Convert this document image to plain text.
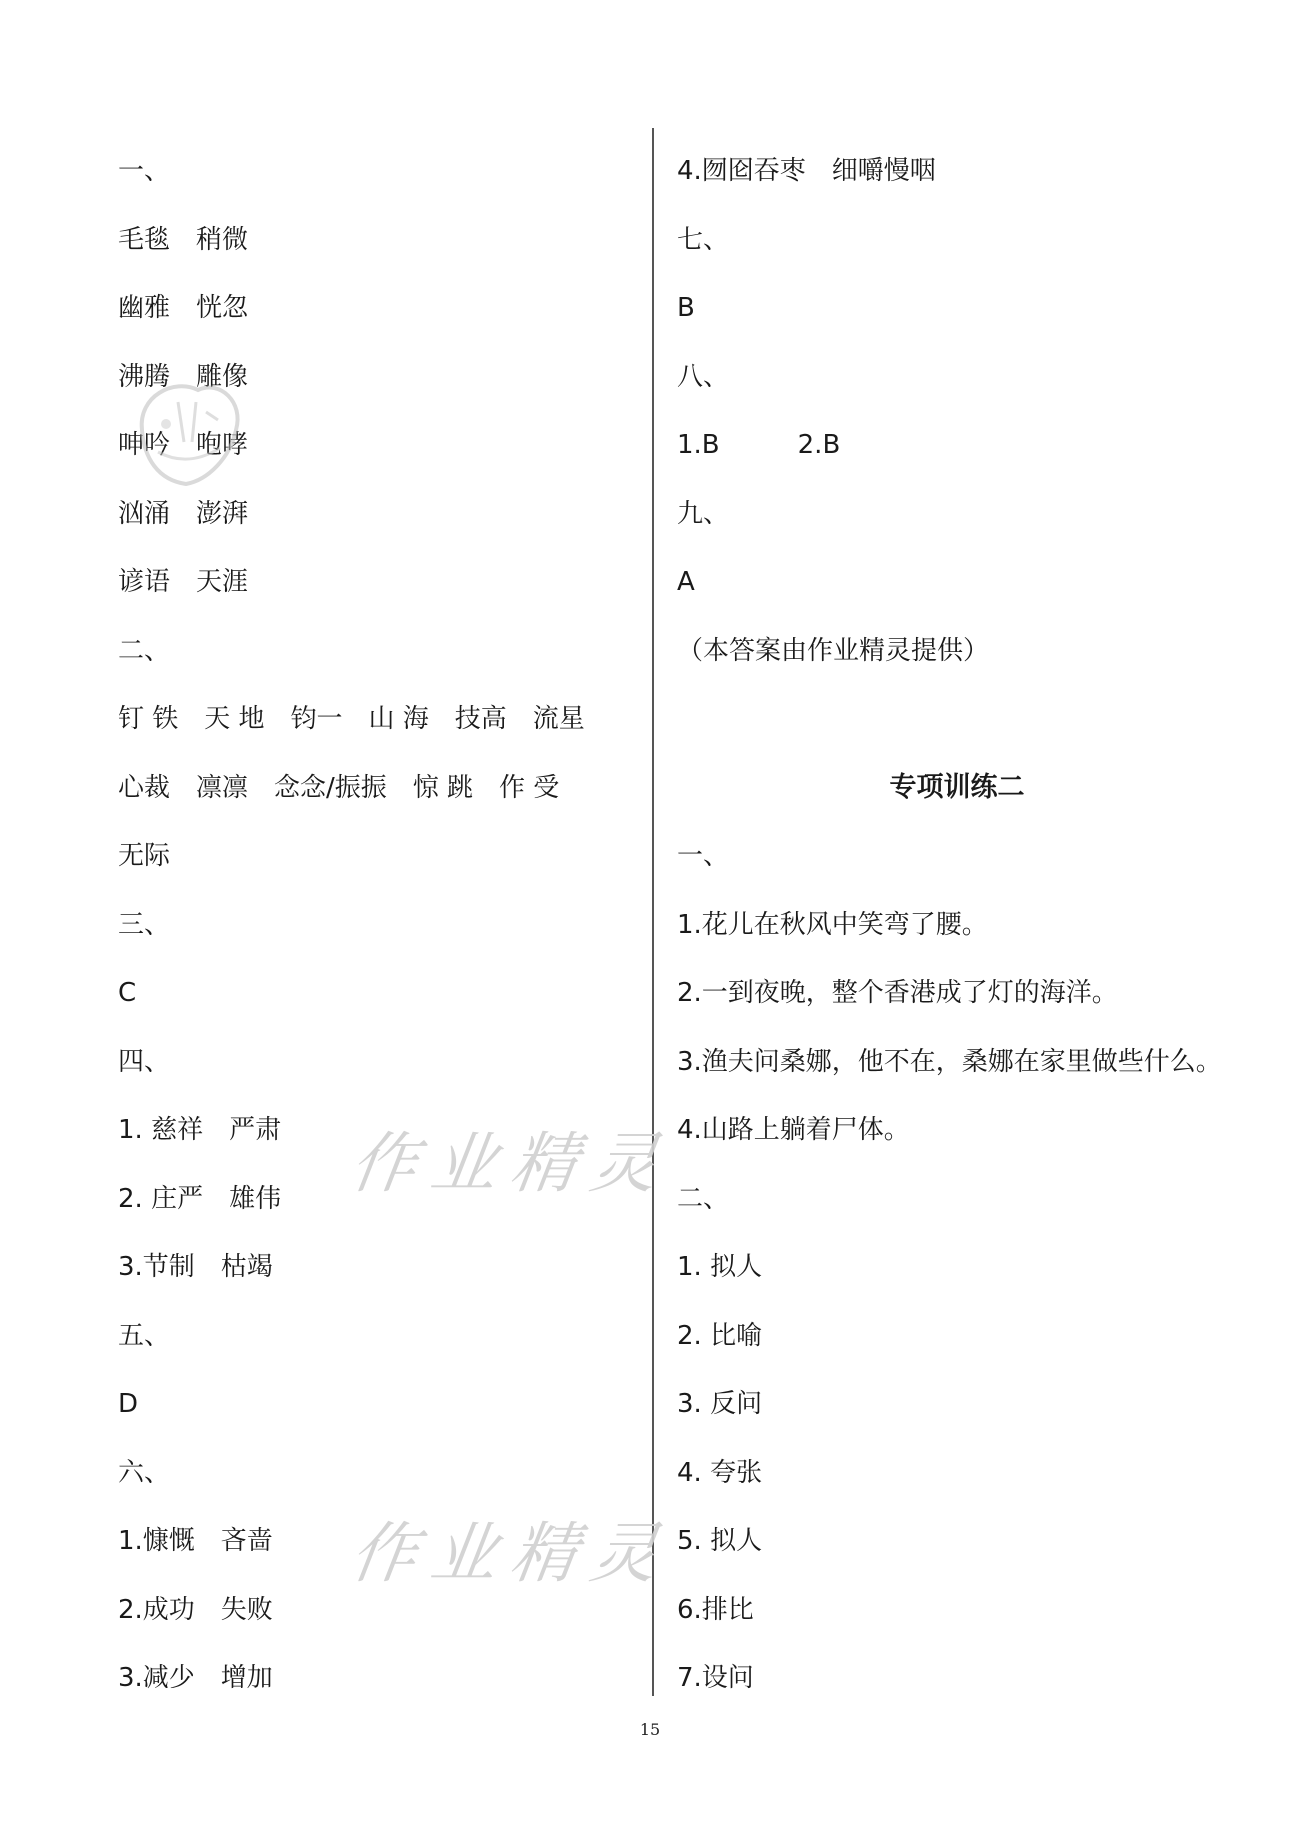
一、
毛毯　稍微
幽雅　恍忽
沸腾　雕像
呻吟　咆哮
汹涌　澎湃
谚语　天涯
二、
钉 铁　天 地　钧一　山 海　技高　流星
心裁　凛凛　念念/振振　惊 跳　作 受
无际
三、
C
四、
1. 慈祥　严肃
2. 庄严　雄伟
3.节制　枯竭
五、
D
六、
1.慷慨　吝啬
2.成功　失败
3.减少　增加
4.囫囵吞枣　细嚼慢咽
七、
B
八、
1.B　　　2.B
九、
A
（本答案由作业精灵提供）
专项训练二
一、
1.花儿在秋风中笑弯了腰。
2.一到夜晚，整个香港成了灯的海洋。
3.渔夫问桑娜，他不在，桑娜在家里做些什么。
4.山路上躺着尸体。
二、
1. 拟人
2. 比喻
3. 反问
4. 夸张
5. 拟人
6.排比
7.设问
15
作业精灵
作业精灵
